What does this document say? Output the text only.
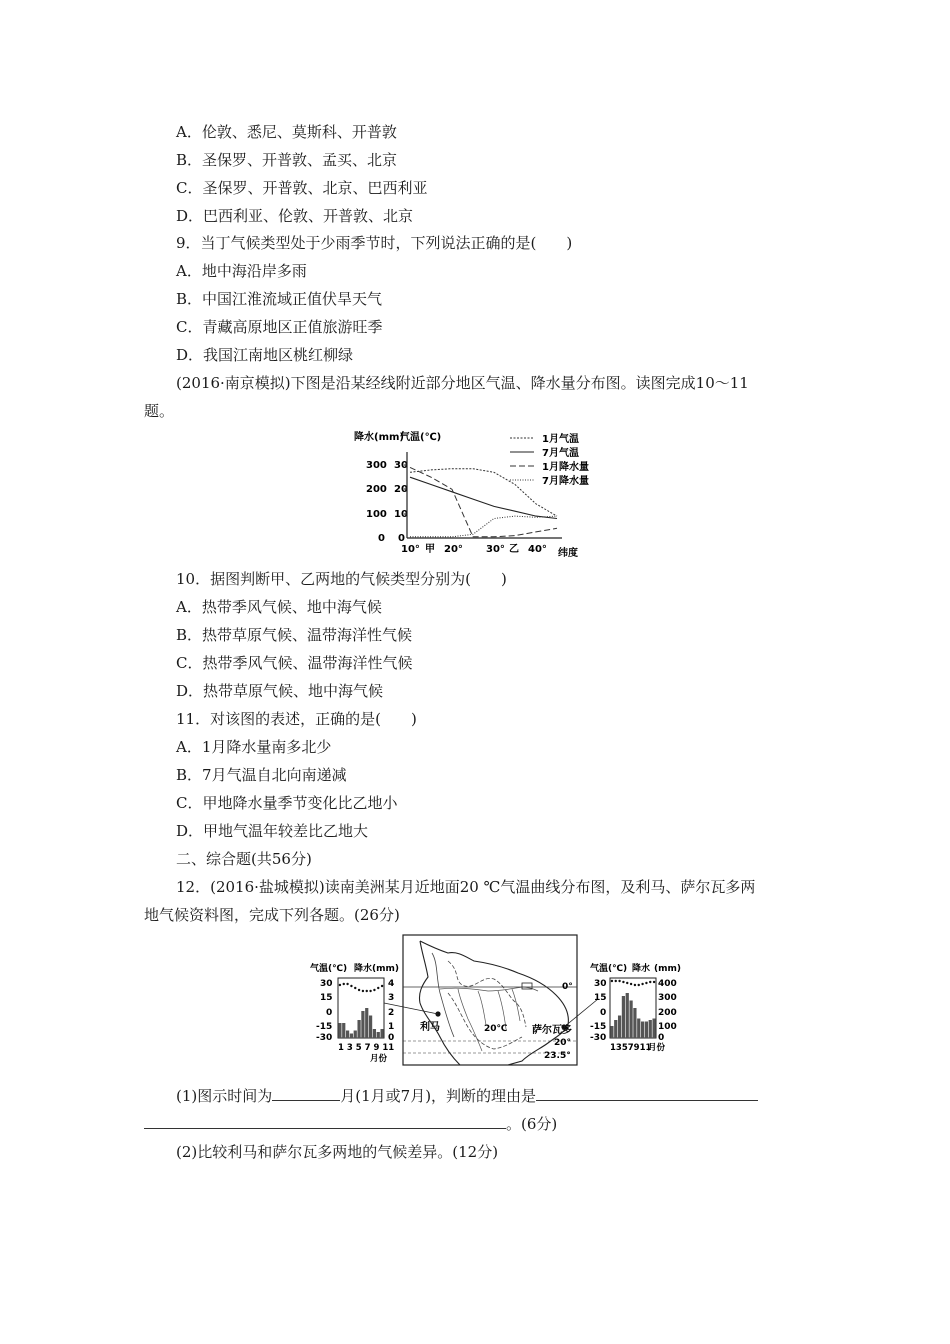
A．伦敦、悉尼、莫斯科、开普敦
B．圣保罗、开普敦、孟买、北京
C．圣保罗、开普敦、北京、巴西利亚
D．巴西利亚、伦敦、开普敦、北京
9．当丁气候类型处于少雨季节时，下列说法正确的是(　　)
A．地中海沿岸多雨
B．中国江淮流域正值伏旱天气
C．青藏高原地区正值旅游旺季
D．我国江南地区桃红柳绿
(2016·南京模拟)下图是沿某经线附近部分地区气温、降水量分布图。读图完成10～11
题。
降水(mm)
气温(℃)
300
200
100
0
30
20
10
0
10° 甲 20° 30° 乙 40° 纬度
1月气温
7月气温
1月降水量
7月降水量
10．据图判断甲、乙两地的气候类型分别为(　　)
A．热带季风气候、地中海气候
B．热带草原气候、温带海洋性气候
C．热带季风气候、温带海洋性气候
D．热带草原气候、地中海气候
11．对该图的表述，正确的是(　　)
A．1月降水量南多北少
B．7月气温自北向南递减
C．甲地降水量季节变化比乙地小
D．甲地气温年较差比乙地大
二、综合题(共56分)
12．(2016·盐城模拟)读南美洲某月近地面20 ℃气温曲线分布图，及利马、萨尔瓦多两
地气候资料图，完成下列各题。(26分)
气温(℃) 降水(mm)
30
15
0
-15
-30
4
3
2
1
0
1 3 5 7 9 11
月份
0°
20°
23.5°
20℃
利马	萨尔瓦多
气温(℃) 降水 (mm)
30
15
0
-15
-30
400
300
200
100
0
1357911
月份
(1)图示时间为	月(1月或7月)，判断的理由是
。(6分)
(2)比较利马和萨尔瓦多两地的气候差异。(12分)
